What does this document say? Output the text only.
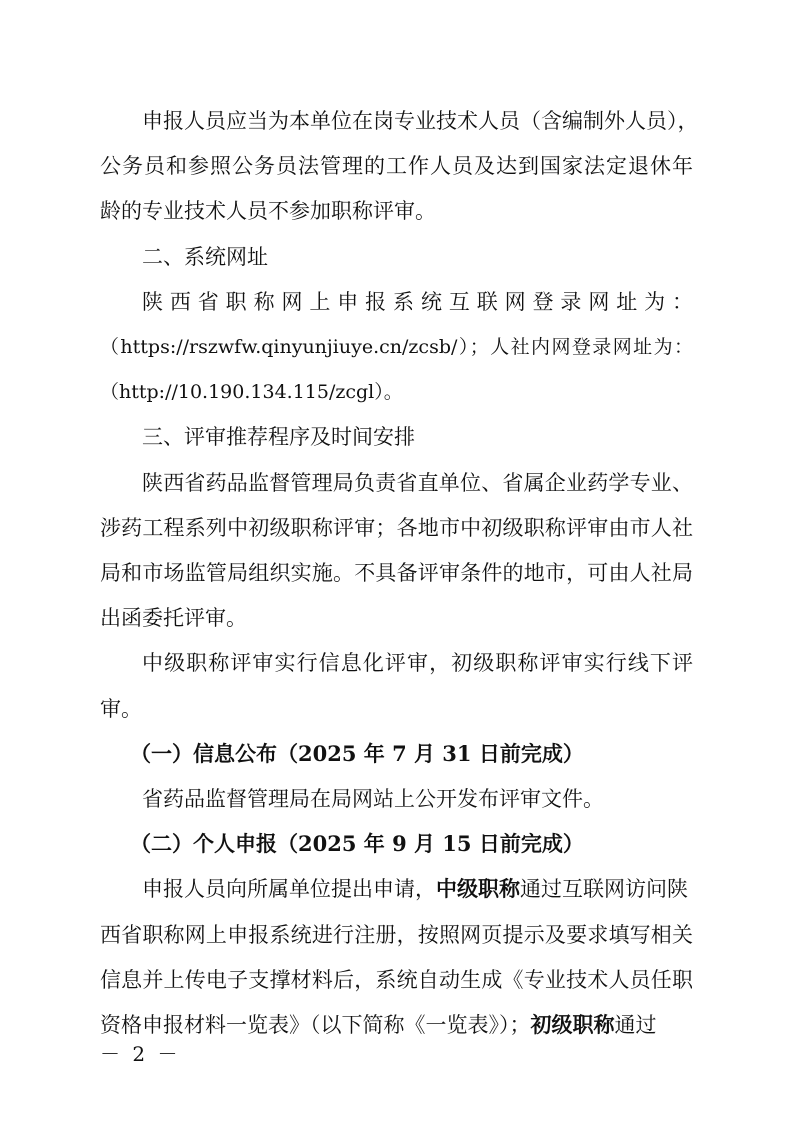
申报人员应当为本单位在岗专业技术人员（含编制外人员），
公务员和参照公务员法管理的工作人员及达到国家法定退休年
龄的专业技术人员不参加职称评审。
二、系统网址
陕西省职称网上申报系统互联网登录网址为：
（https://rszwfw.qinyunjiuye.cn/zcsb/）；人社内网登录网址为：
（http://10.190.134.115/zcgl）。
三、评审推荐程序及时间安排
陕西省药品监督管理局负责省直单位、省属企业药学专业、
涉药工程系列中初级职称评审；各地市中初级职称评审由市人社
局和市场监管局组织实施。不具备评审条件的地市，可由人社局
出函委托评审。
中级职称评审实行信息化评审，初级职称评审实行线下评
审。
（一）信息公布（2025 年 7 月 31 日前完成）
省药品监督管理局在局网站上公开发布评审文件。
（二）个人申报（2025 年 9 月 15 日前完成）
申报人员向所属单位提出申请，中级职称通过互联网访问陕
西省职称网上申报系统进行注册，按照网页提示及要求填写相关
信息并上传电子支撑材料后，系统自动生成《专业技术人员任职
－ 2 －
资格申报材料一览表》（以下简称《一览表》）；初级职称通过
